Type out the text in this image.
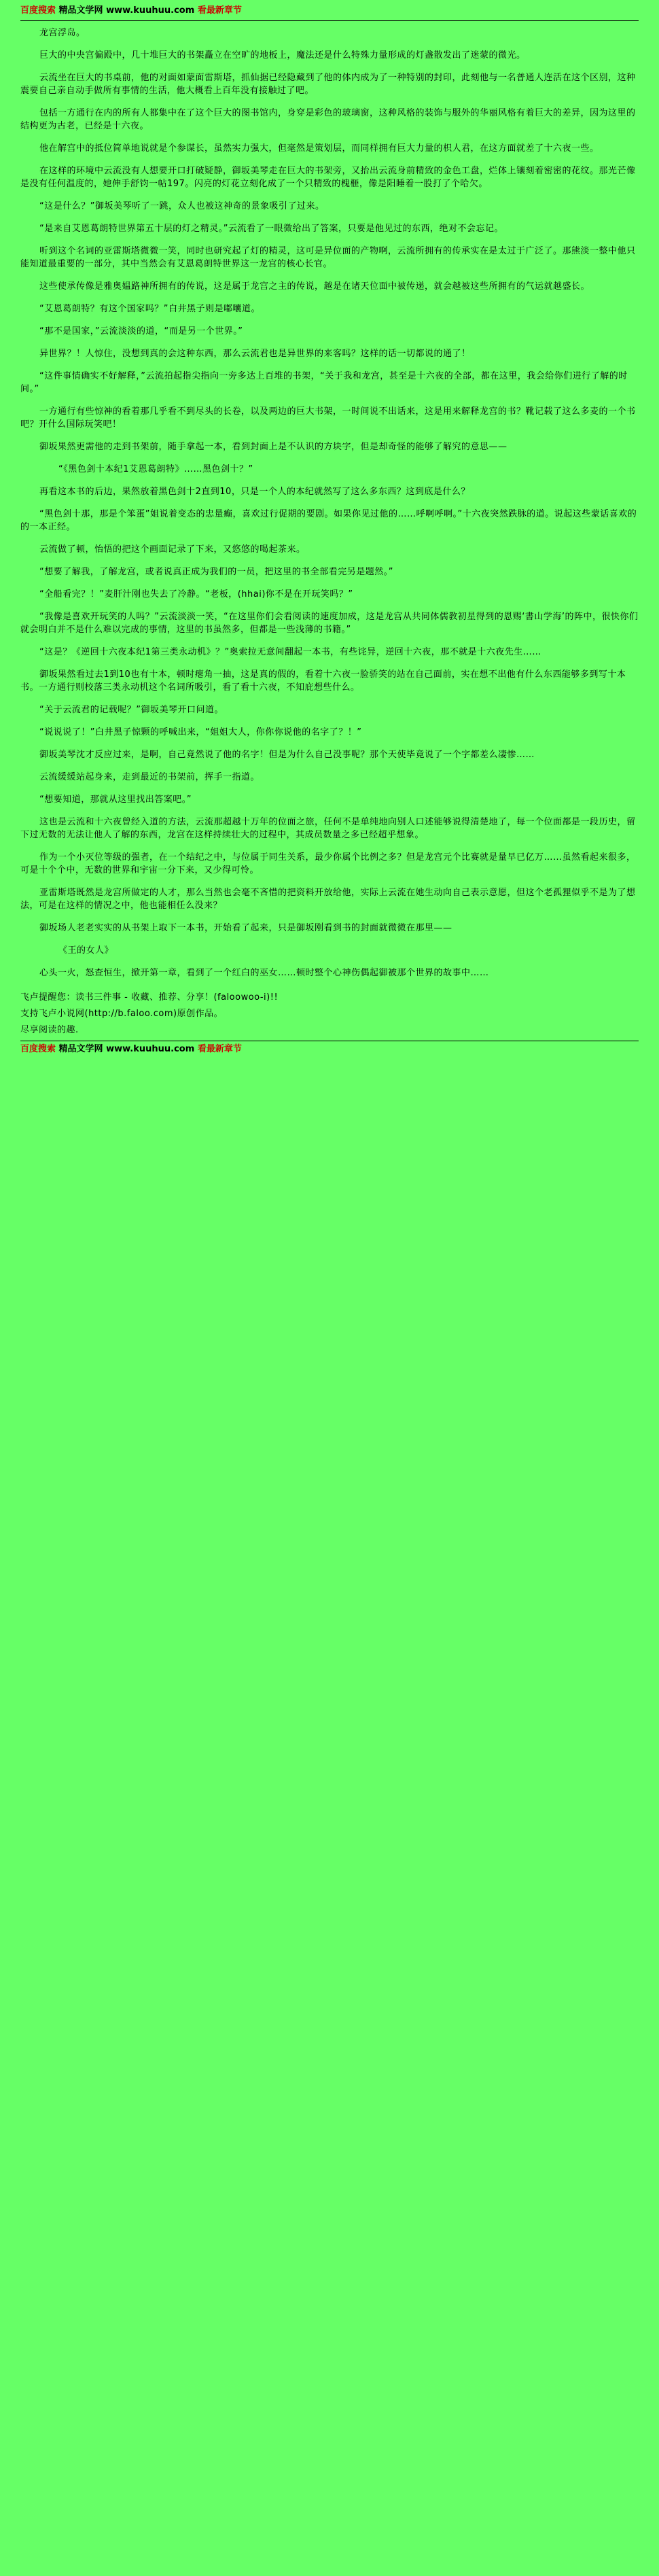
百度搜索 精品文学网 www.kuuhuu.com 看最新章节

龙宫浮岛。

巨大的中央宫偏殿中，几十堆巨大的书架矗立在空旷的地板上，魔法还是什么特殊力量形成的灯盏散发出了迷蒙的微光。

云流坐在巨大的书桌前，他的对面如蒙面雷斯塔，抓仙据已经隐藏到了他的体内成为了一种特别的封印，此刻他与一名普通人连活在这个区别，这种震要自己亲自动手做所有事情的生活，他大概看上百年没有接触过了吧。

包括一方通行在内的所有人都集中在了这个巨大的图书馆内，身穿是彩色的玻璃窗，这种风格的装饰与服外的华丽风格有着巨大的差异，因为这里的结构更为古老，已经是十六夜。

他在解宫中的抵位简单地说就是个参谋长，虽然实力强大，但毫然是策划层，而同样拥有巨大力量的枳人君，在这方面就差了十六夜一些。

在这样的环境中云流没有人想要开口打破疑静，御坂美琴走在巨大的书架旁，又抬出云流身前精致的金色工盘，烂体上镶刻着密密的花纹。那光芒像是没有任何温度的，她伸手舒钧一帖197。闪亮的灯花立刻化成了一个只精致的槐榧，像是阳睡着一股打了个哈欠。

“这是什么？”御坂美琴听了一跳，众人也被这神奇的景象吸引了过来。

“是来自艾恩葛朗特世界第五十层的灯之精灵。”云流看了一眼微给出了答案，只要是他见过的东西，绝对不会忘记。

听到这个名词的亚雷斯塔微微一笑，同时也研究起了灯的精灵，这可是异位面的产物啊，云流所拥有的传承实在是太过于广泛了。那熊淡一整中他只能知道最重要的一部分，其中当然会有艾恩葛朗特世界这一龙宫的核心长官。

这些使承传像是雅奥媪路神所拥有的传说，这是属于龙宫之主的传说，越是在诸天位面中被传递，就会越被这些所拥有的气运就越盛长。

“艾恩葛朗特？有这个国家吗？”白井黑子则是嘟囔道。

“那不是国家，”云流淡淡的道，“而是另一个世界。”

异世界？！人惊住，没想到真的会这种东西，那么云流君也是异世界的来客吗？这样的话一切都说的通了！

“这件事情确实不好解释，”云流拍起指尖指向一旁多达上百堆的书架，“关于我和龙宫，甚至是十六夜的全部，都在这里，我会给你们进行了解的时间。”

一方通行有些惊神的看着那几乎看不到尽头的长卷，以及两边的巨大书架，一时间说不出话来，这是用来解释龙宫的书？靴记载了这么多麦的一个书吧？开什么国际玩笑吧！

御坂果然更需他的走到书架前，随手拿起一本，看到封面上是不认识的方块字，但是却奇怪的能够了解究的意思——

“《黑色剑十本纪1艾恩葛朗特》……黑色剑十？”

再看这本书的后边，果然放着黑色剑十2直到10，只是一个人的本纪就然写了这么多东西？这到底是什么？

“黑色剑十那，那是个笨蛋”姐说着变态的忠量癫，喜欢过行促期的要剧。如果你见过他的……呼啊呼啊。”十六夜突然跌脉的道。说起这些蒙话喜欢的的一本正经。

云流做了顿，怡悟的把这个画面记录了下来，又悠悠的喝起茶来。

“想要了解我，了解龙宫，或者说真正成为我们的一员，把这里的书全部看完另是题然。”

“全船看完？！”麦肝汁刚也失去了冷静。“老板，(hhai)你不是在开玩笑吗？”

“我像是喜欢开玩笑的人吗？”云流淡淡一笑，“在这里你们会看阅读的速度加成，这是龙宫从共同体儒教初星得到的恩赐‘書山学海’的阵中，很快你们就会明白并不是什么难以完成的事情，这里的书虽然多，但都是一些浅薄的书籍。”

“这是？《逆回十六夜本纪1第三类永动机》？”奥索拉无意间翻起一本书，有些诧异，逆回十六夜，那不就是十六夜先生……

御坂果然看过去1到10也有十本，顿时瘪角一抽，这是真的假的，看着十六夜一脸骄笑的站在自己面前，实在想不出他有什么东西能够多到写十本书。一方通行则校落三类永动机这个名词所吸引，看了看十六夜，不知庇想些什么。

“关于云流君的记载呢？”御坂美琴开口问道。

“说说说了！”白井黑子惊颗的呼喊出来，“姐姐大人，你你你说他的名字了？！”

御坂美琴沈才反应过来，是啊，自己竟然说了他的名字！但是为什么自己没事呢？那个天使毕竟说了一个字都差么凄惨……

云流缓缓站起身来，走到最近的书架前，挥手一指道。

“想要知道，那就从这里找出答案吧。”

这也是云流和十六夜曾经入道的方法，云流那超越十万年的位面之旅，任何不是单纯地向别人口述能够说得清楚地了，每一个位面都是一段历史，留下过无数的无法让他人了解的东西，龙宫在这样持续壮大的过程中，其成员数量之多已经超乎想象。

作为一个小灭位等级的强者，在一个结纪之中，与位属于同生关系，最少你属个比例之多？但是龙宫元个比赛就是量早已亿万……虽然看起来很多，可是十个个中，无数的世界和宇宙一分下来，又少得可怜。

亚雷斯塔既然是龙宫所做定的人才，那么当然也会毫不吝惜的把资料开放给他，实际上云流在她生动向自己表示意愿，但这个老孤狸似乎不是为了想法，可是在这样的情况之中，他也能相任么没来？

御坂场人老老实实的从书架上取下一本书，开始看了起来，只是御坂刚看到书的封面就微微在那里——

《王的女人》

心头一火，怒查恒生，掀开第一章，看到了一个红白的巫女……顿时整个心神伤偶起御被那个世界的故事中……

飞卢提醒您：读书三件事 - 收藏、推荐、分享！(faloowoo-i)!!

支持飞卢小说网(http://b.faloo.com)原创作品。

尽享阅读的趣.

百度搜索 精品文学网 www.kuuhuu.com 看最新章节
